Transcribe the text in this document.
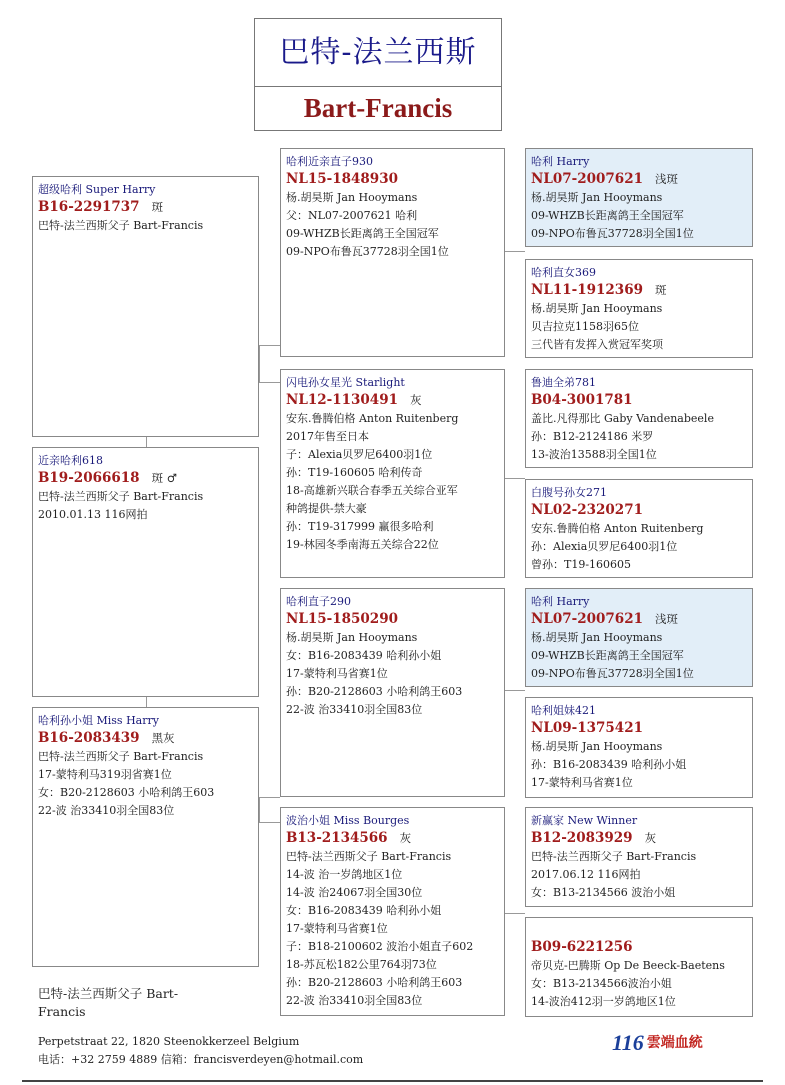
巴特-法兰西斯
Bart-Francis
超级哈利 Super Harry
B16-2291737 斑
巴特-法兰西斯父子 Bart-Francis
近亲哈利618
B19-2066618 斑 ♂
巴特-法兰西斯父子 Bart-Francis
2010.01.13 116网拍
哈利孙小姐 Miss Harry
B16-2083439 黑灰
巴特-法兰西斯父子 Bart-Francis
17-蒙特利马319羽省赛1位
女：B20-2128603 小哈利鸽王603
22-波 治33410羽全国83位
哈利近亲直子930
NL15-1848930
杨.胡昊斯 Jan Hooymans
父：NL07-2007621 哈利
09-WHZB长距离鸽王全国冠军
09-NPO布鲁瓦37728羽全国1位
闪电孙女星光 Starlight
NL12-1130491 灰
安东.鲁腾伯格 Anton Ruitenberg
2017年售至日本
子：Alexia贝罗尼6400羽1位
孙：T19-160605 哈利传奇
18-高雄新兴联合春季五关综合亚军
种鸽提供-禁大豪
孙：T19-317999 赢很多哈利
19-林园冬季南海五关综合22位
哈利直子290
NL15-1850290
杨.胡昊斯 Jan Hooymans
女：B16-2083439 哈利孙小姐
17-蒙特利马省赛1位
孙：B20-2128603 小哈利鸽王603
22-波 治33410羽全国83位
波治小姐 Miss Bourges
B13-2134566 灰
巴特-法兰西斯父子 Bart-Francis
14-波 治一岁鸽地区1位
14-波 治24067羽全国30位
女：B16-2083439 哈利孙小姐
17-蒙特利马省赛1位
子：B18-2100602 波治小姐直子602
18-苏瓦松182公里764羽73位
孙：B20-2128603 小哈利鸽王603
22-波 治33410羽全国83位
哈利 Harry
NL07-2007621 浅斑
杨.胡昊斯 Jan Hooymans
09-WHZB长距离鸽王全国冠军
09-NPO布鲁瓦37728羽全国1位
哈利直女369
NL11-1912369 斑
杨.胡昊斯 Jan Hooymans
贝吉拉克1158羽65位
三代皆有发挥入赏冠军奖项
鲁迪全弟781
B04-3001781
盖比.凡得那比 Gaby Vandenabeele
孙：B12-2124186 米罗
13-波治13588羽全国1位
白腹号孙女271
NL02-2320271
安东.鲁腾伯格 Anton Ruitenberg
孙：Alexia贝罗尼6400羽1位
曾孙：T19-160605
哈利 Harry
NL07-2007621 浅斑
杨.胡昊斯 Jan Hooymans
09-WHZB长距离鸽王全国冠军
09-NPO布鲁瓦37728羽全国1位
哈利姐妹421
NL09-1375421
杨.胡昊斯 Jan Hooymans
孙：B16-2083439 哈利孙小姐
17-蒙特利马省赛1位
新赢家 New Winner
B12-2083929 灰
巴特-法兰西斯父子 Bart-Francis
2017.06.12 116网拍
女：B13-2134566 波治小姐
B09-6221256
帝贝克-巴腾斯 Op De Beeck-Baetens
女：B13-2134566波治小姐
14-波治412羽一岁鸽地区1位
巴特-法兰西斯父子 Bart-
Francis
Perpetstraat 22, 1820 Steenokkerzeel Belgium
电话：+32 2759 4889 信箱：francisverdeyen@hotmail.com
116 雲端血統
